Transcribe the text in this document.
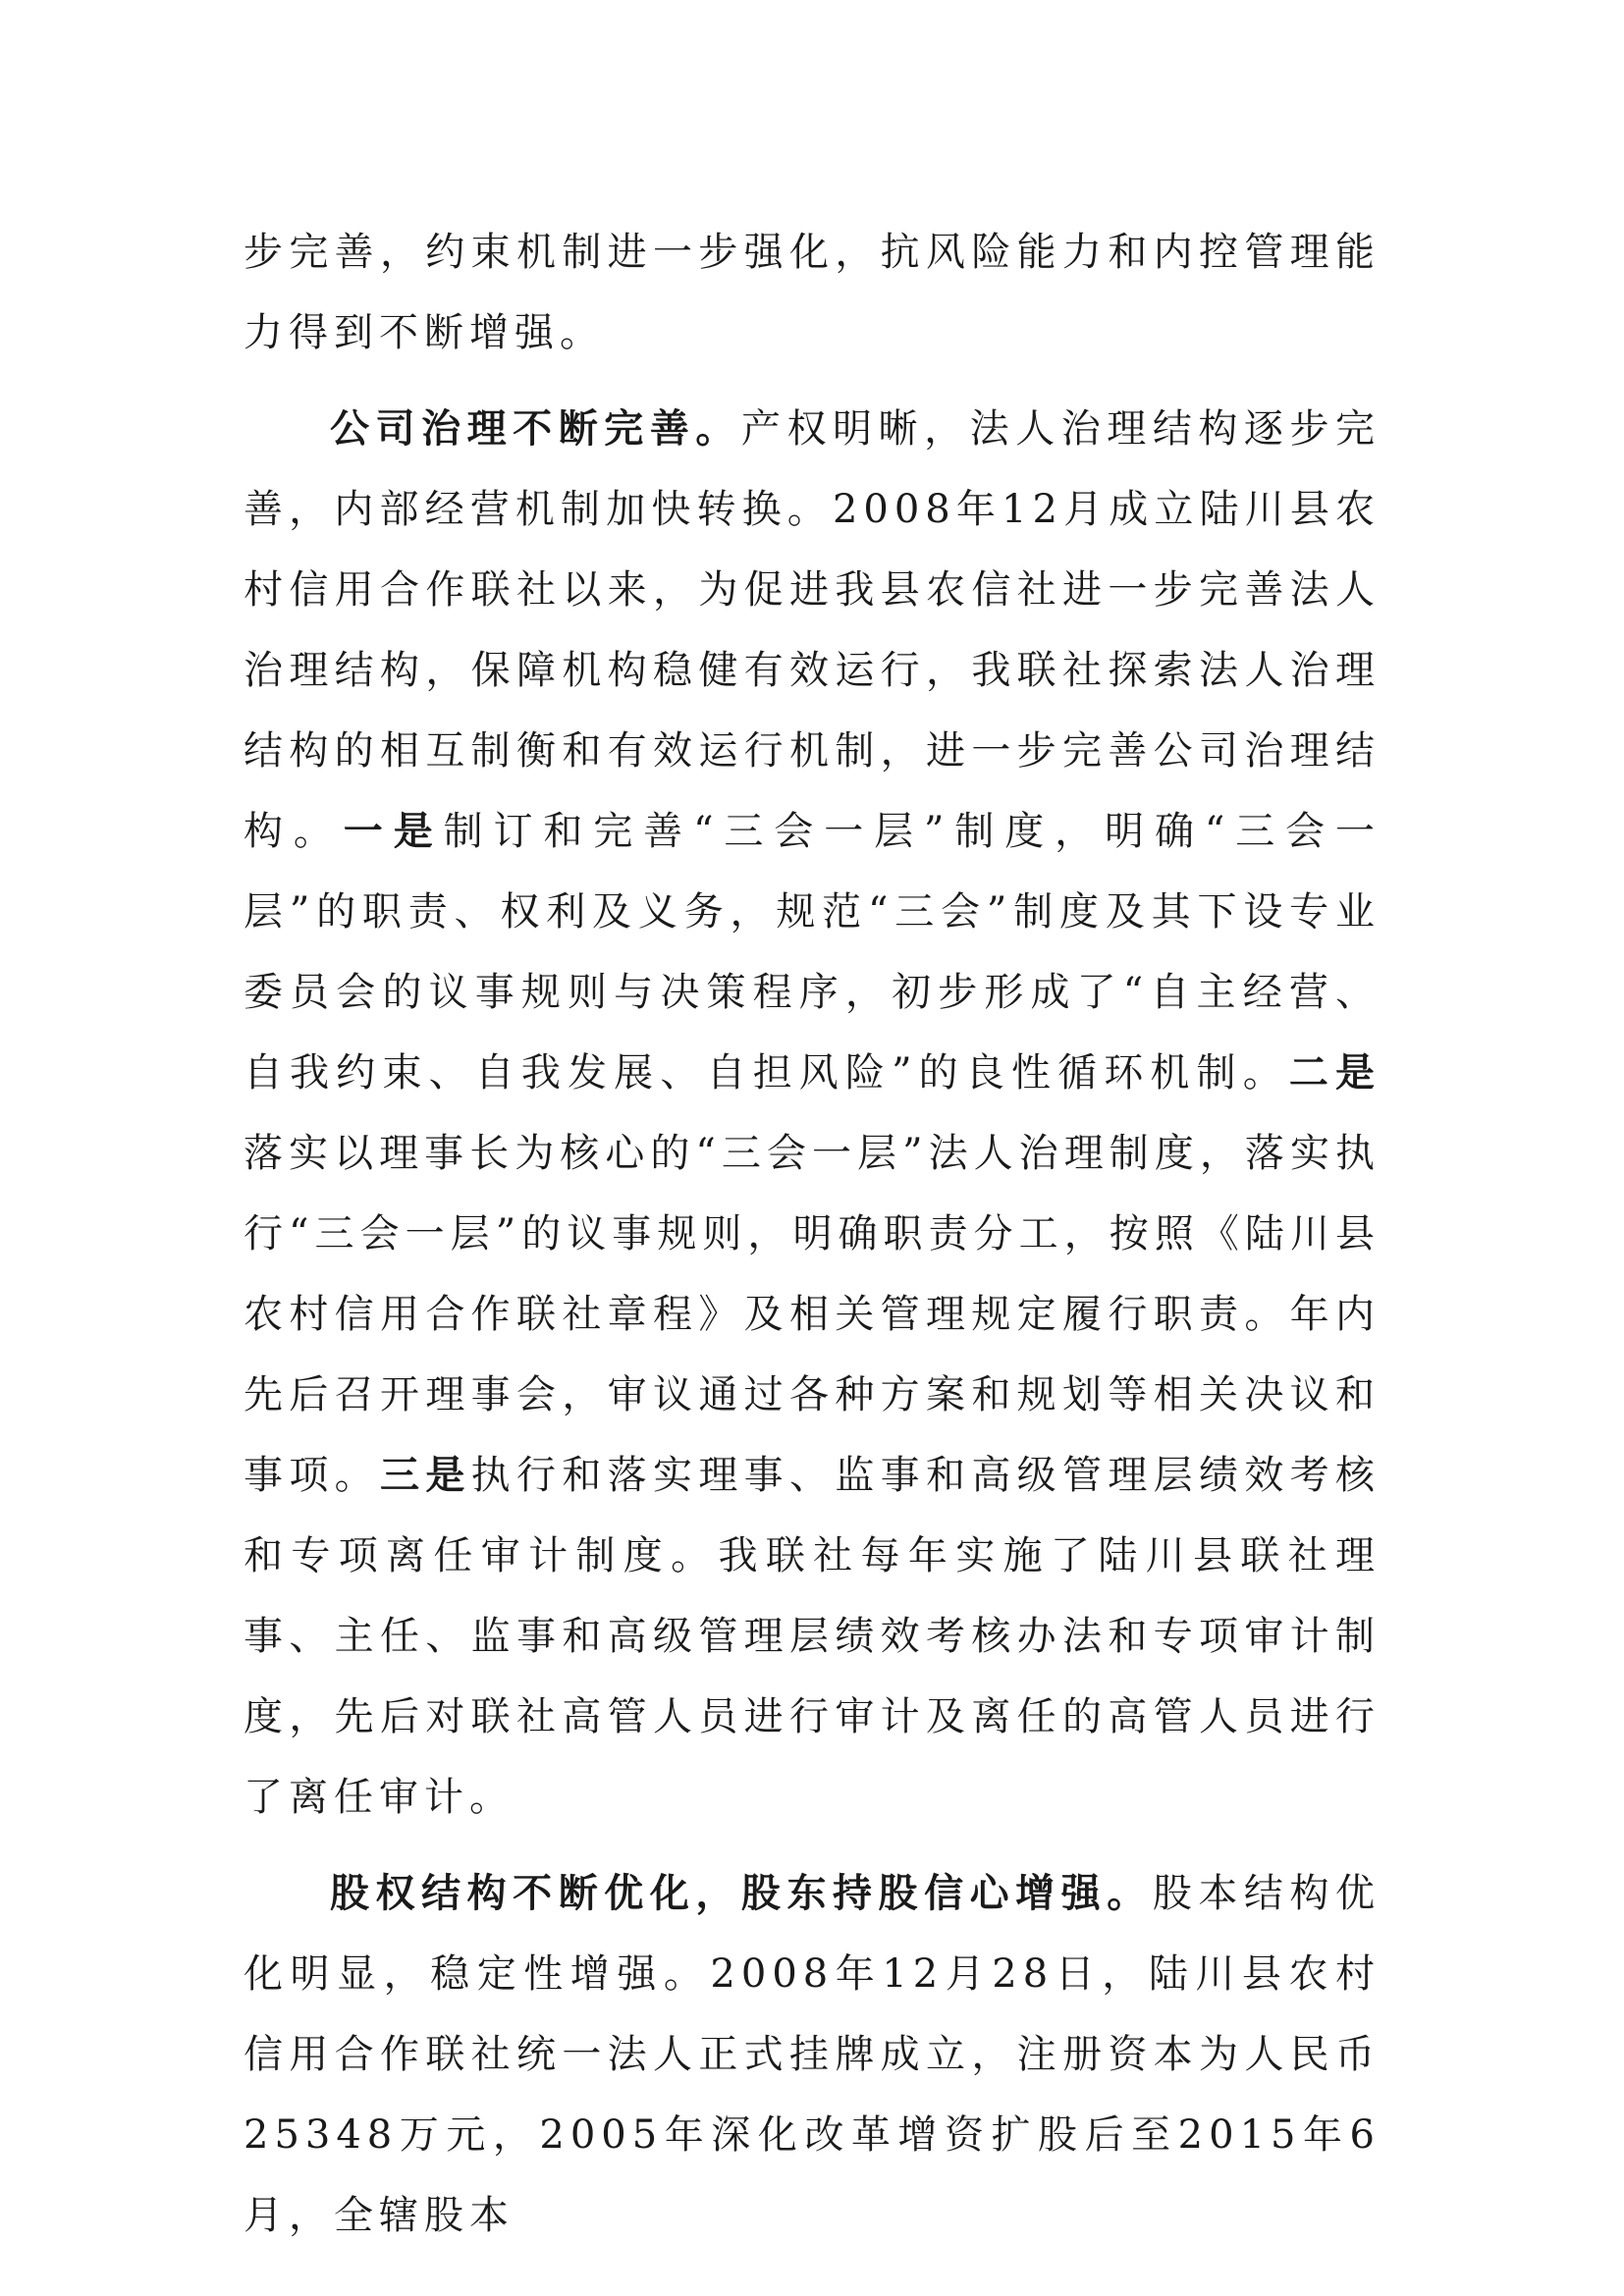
步完善，约束机制进一步强化，抗风险能力和内控管理能力得到不断增强。

公司治理不断完善。产权明晰，法人治理结构逐步完善，内部经营机制加快转换。2008年12月成立陆川县农村信用合作联社以来，为促进我县农信社进一步完善法人治理结构，保障机构稳健有效运行，我联社探索法人治理结构的相互制衡和有效运行机制，进一步完善公司治理结构。一是制订和完善“三会一层”制度，明确“三会一层”的职责、权利及义务，规范“三会”制度及其下设专业委员会的议事规则与决策程序，初步形成了“自主经营、自我约束、自我发展、自担风险”的良性循环机制。二是落实以理事长为核心的“三会一层”法人治理制度，落实执行“三会一层”的议事规则，明确职责分工，按照《陆川县农村信用合作联社章程》及相关管理规定履行职责。年内先后召开理事会，审议通过各种方案和规划等相关决议和事项。三是执行和落实理事、监事和高级管理层绩效考核和专项离任审计制度。我联社每年实施了陆川县联社理事、主任、监事和高级管理层绩效考核办法和专项审计制度，先后对联社高管人员进行审计及离任的高管人员进行了离任审计。

股权结构不断优化，股东持股信心增强。股本结构优化明显，稳定性增强。2008年12月28日，陆川县农村信用合作联社统一法人正式挂牌成立，注册资本为人民币25348万元，2005年深化改革增资扩股后至2015年6月，全辖股本
